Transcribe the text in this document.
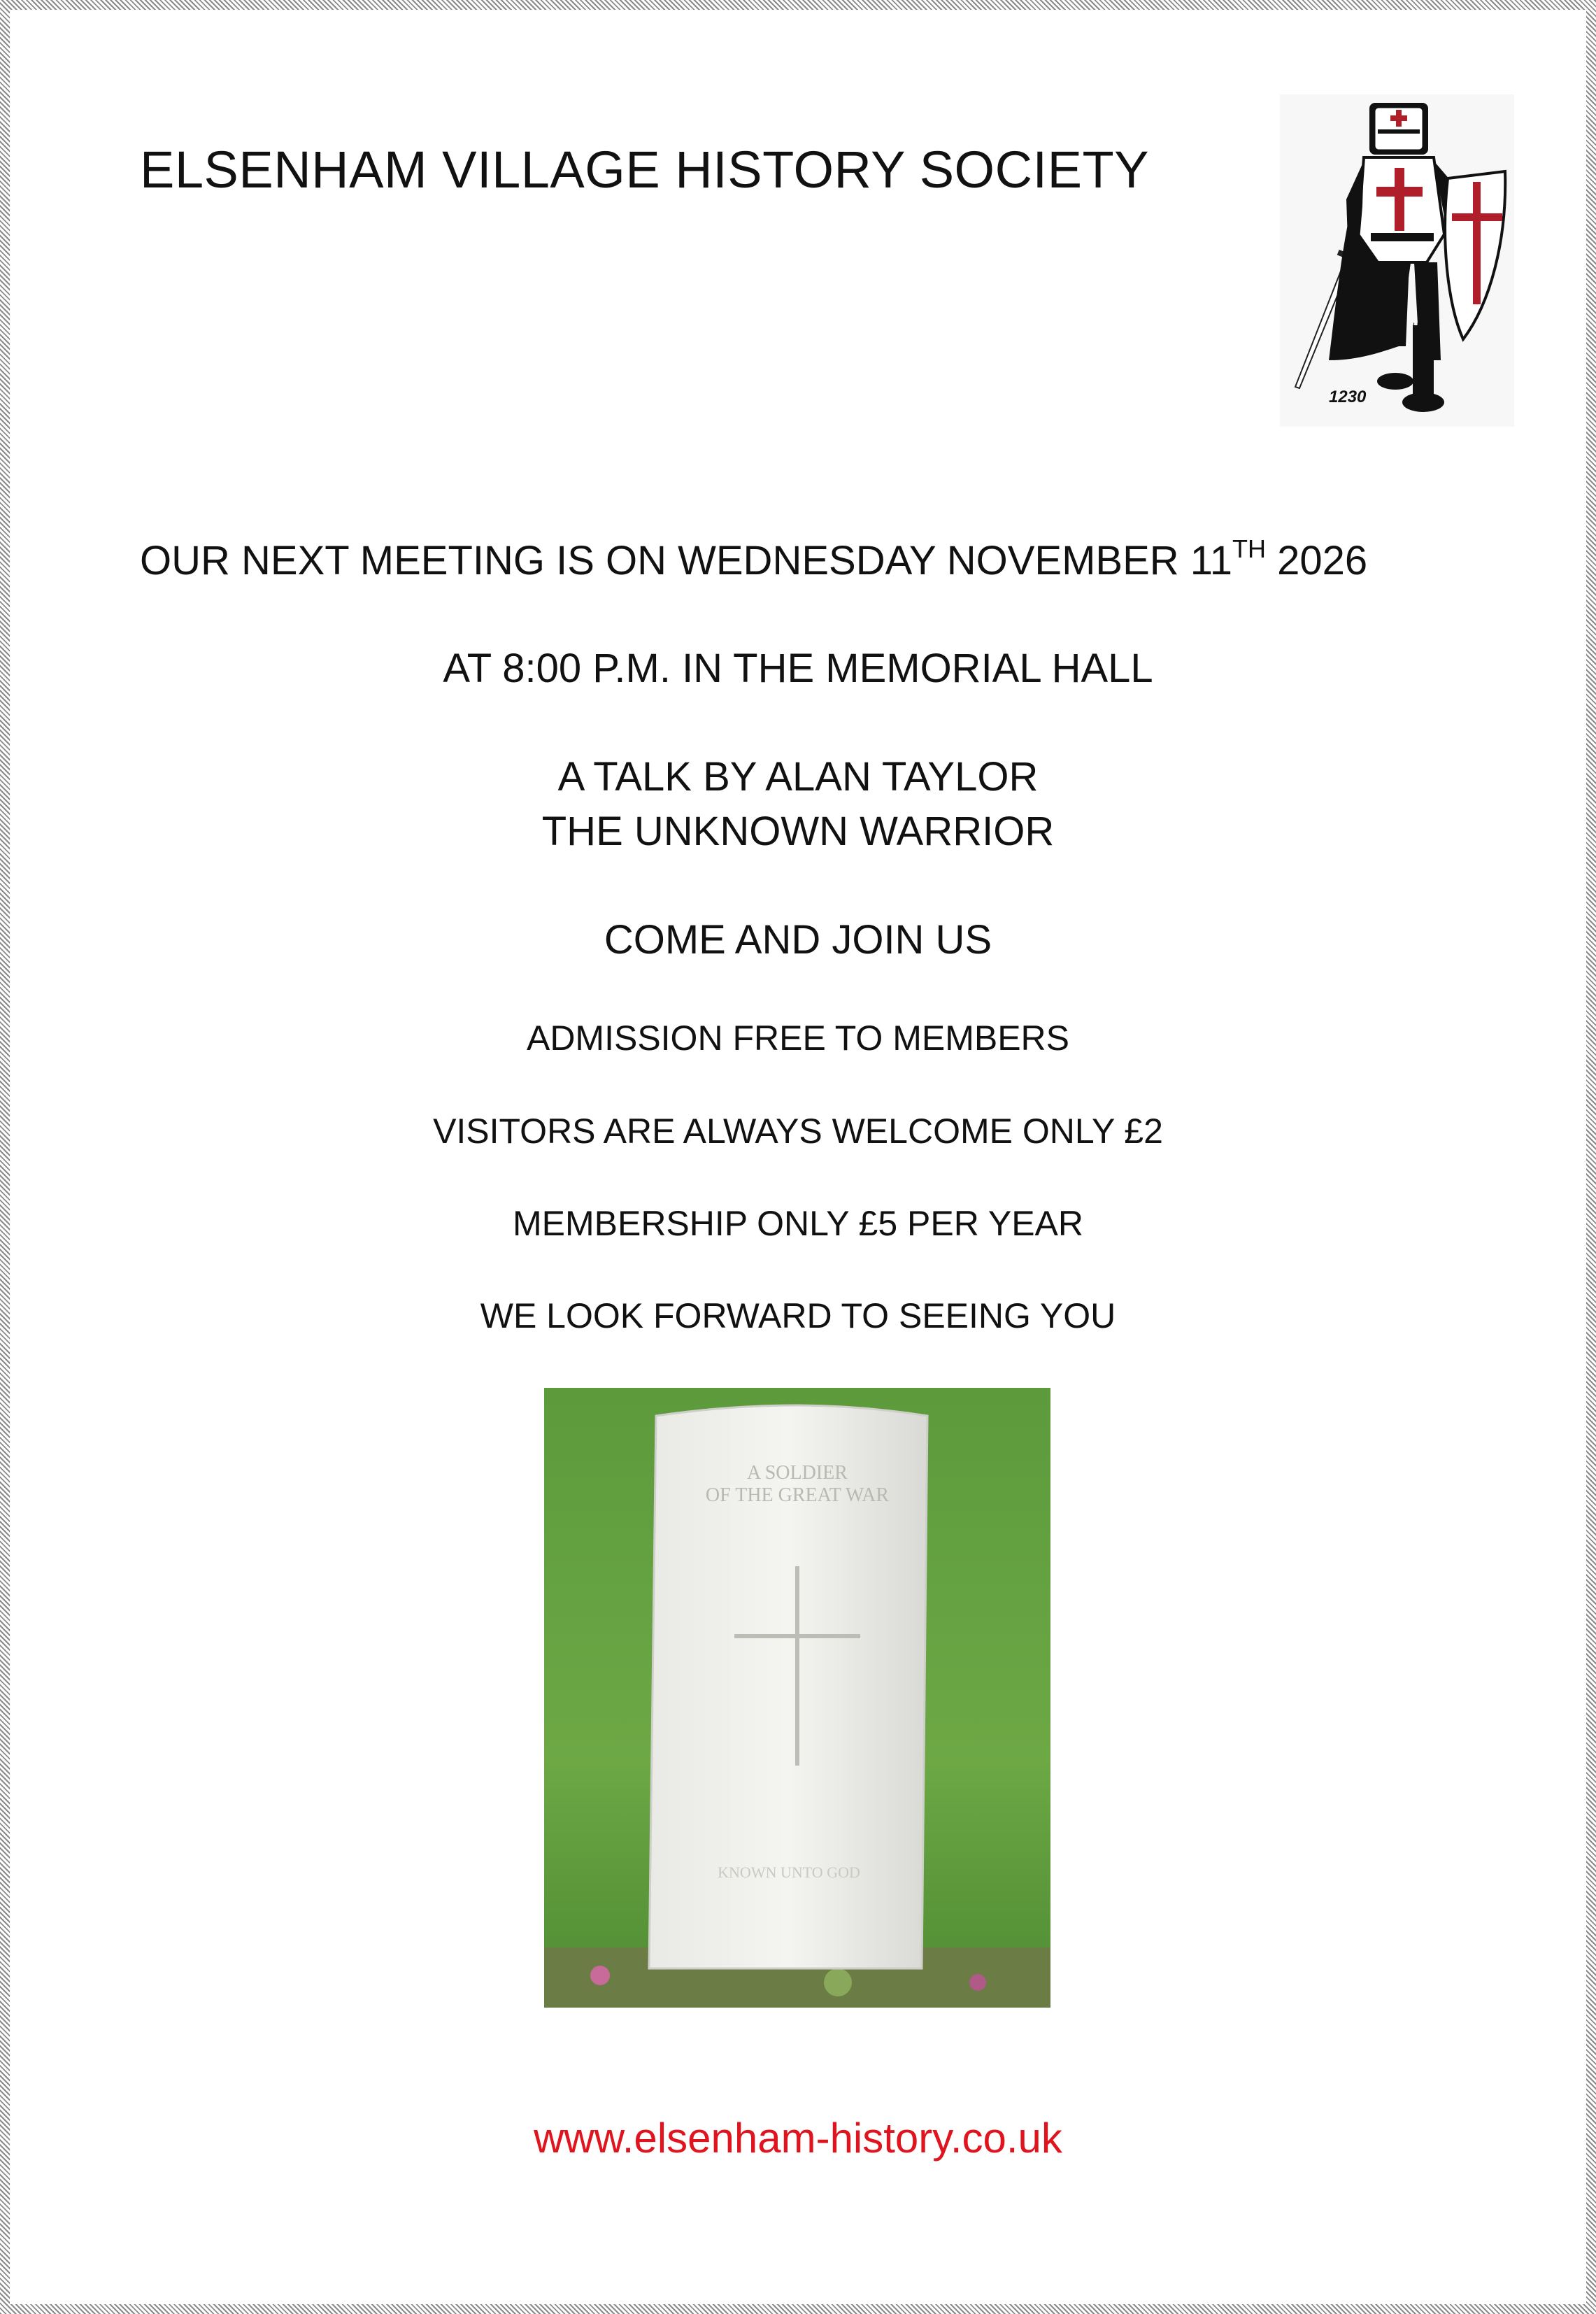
ELSENHAM VILLAGE HISTORY SOCIETY
HT
1230

OUR NEXT MEETING IS ON WEDNESDAY NOVEMBER 11TH 2026

AT 8:00 P.M. IN THE MEMORIAL HALL

A TALK BY ALAN TAYLOR

THE UNKNOWN WARRIOR

COME AND JOIN US

ADMISSION FREE TO MEMBERS

VISITORS ARE ALWAYS WELCOME ONLY £2

MEMBERSHIP ONLY £5 PER YEAR

WE LOOK FORWARD TO SEEING YOU

A SOLDIER
OF THE GREAT WAR
KNOWN UNTO GOD

www.elsenham-history.co.uk
